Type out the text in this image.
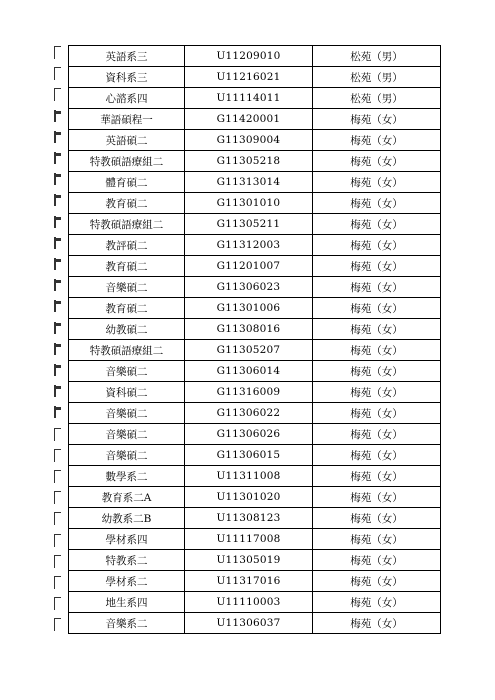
英語系三	U11209010	松苑（男）
資科系三	U11216021	松苑（男）
心諮系四	U11114011	松苑（男）
華語碩程一	G11420001	梅苑（女）
英語碩二	G11309004	梅苑（女）
特教碩語療組二	G11305218	梅苑（女）
體育碩二	G11313014	梅苑（女）
教育碩二	G11301010	梅苑（女）
特教碩語療組二	G11305211	梅苑（女）
教評碩二	G11312003	梅苑（女）
教育碩二	G11201007	梅苑（女）
音樂碩二	G11306023	梅苑（女）
教育碩二	G11301006	梅苑（女）
幼教碩二	G11308016	梅苑（女）
特教碩語療組二	G11305207	梅苑（女）
音樂碩二	G11306014	梅苑（女）
資科碩二	G11316009	梅苑（女）
音樂碩二	G11306022	梅苑（女）
音樂碩二	G11306026	梅苑（女）
音樂碩二	G11306015	梅苑（女）
數學系二	U11311008	梅苑（女）
教育系二A	U11301020	梅苑（女）
幼教系二B	U11308123	梅苑（女）
學材系四	U11117008	梅苑（女）
特教系二	U11305019	梅苑（女）
學材系二	U11317016	梅苑（女）
地生系四	U11110003	梅苑（女）
音樂系二	U11306037	梅苑（女）
